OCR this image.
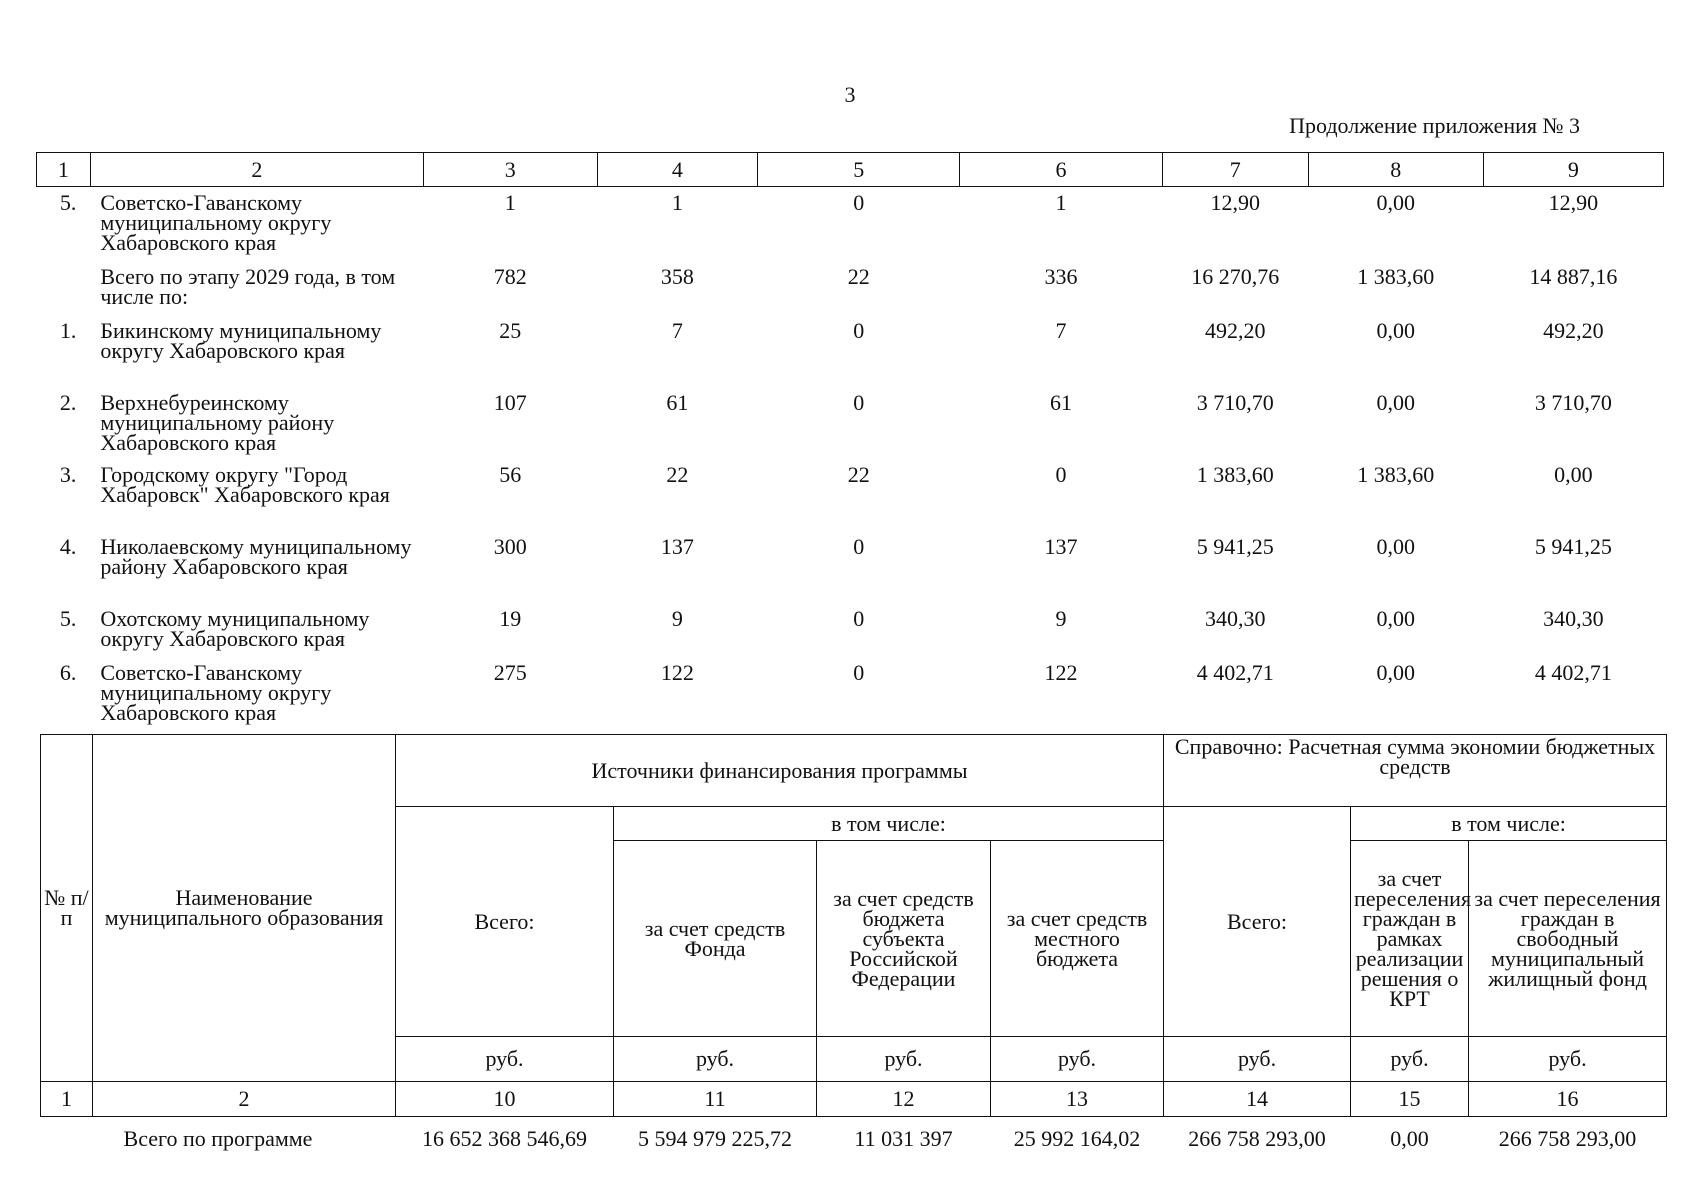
3
Продолжение приложения № 3
1	2	3	4	5	6	7	8	9
5.	Советско-Гаванскому муниципальному округу Хабаровского края	1	1	0	1	12,90	0,00	12,90
	Всего по этапу 2029 года, в том числе по:	782	358	22	336	16 270,76	1 383,60	14 887,16
1.	Бикинскому муниципальному округу Хабаровского края	25	7	0	7	492,20	0,00	492,20
2.	Верхнебуреинскому муниципальному району Хабаровского края	107	61	0	61	3 710,70	0,00	3 710,70
3.	Городскому округу "Город Хабаровск" Хабаровского края	56	22	22	0	1 383,60	1 383,60	0,00
4.	Николаевскому муниципальному району Хабаровского края	300	137	0	137	5 941,25	0,00	5 941,25
5.	Охотскому муниципальному округу Хабаровского края	19	9	0	9	340,30	0,00	340,30
6.	Советско-Гаванскому муниципальному округу Хабаровского края	275	122	0	122	4 402,71	0,00	4 402,71
№ п/п	Наименование муниципального образования	Источники финансирования программы				Справочно: Расчетная сумма экономии бюджетных средств		
		Всего:	в том числе:			Всего:	в том числе:	
			за счет средств Фонда	за счет средств бюджета субъекта Российской Федерации	за счет средств местного бюджета		за счет переселения граждан в рамках реализации решения о КРТ	за счет переселения граждан в свободный муниципальный жилищный фонд
		руб.	руб.	руб.	руб.	руб.	руб.	руб.
1	2	10	11	12	13	14	15	16
Всего по программе		16 652 368 546,69	5 594 979 225,72	11 031 397	25 992 164,02	266 758 293,00	0,00	266 758 293,00
